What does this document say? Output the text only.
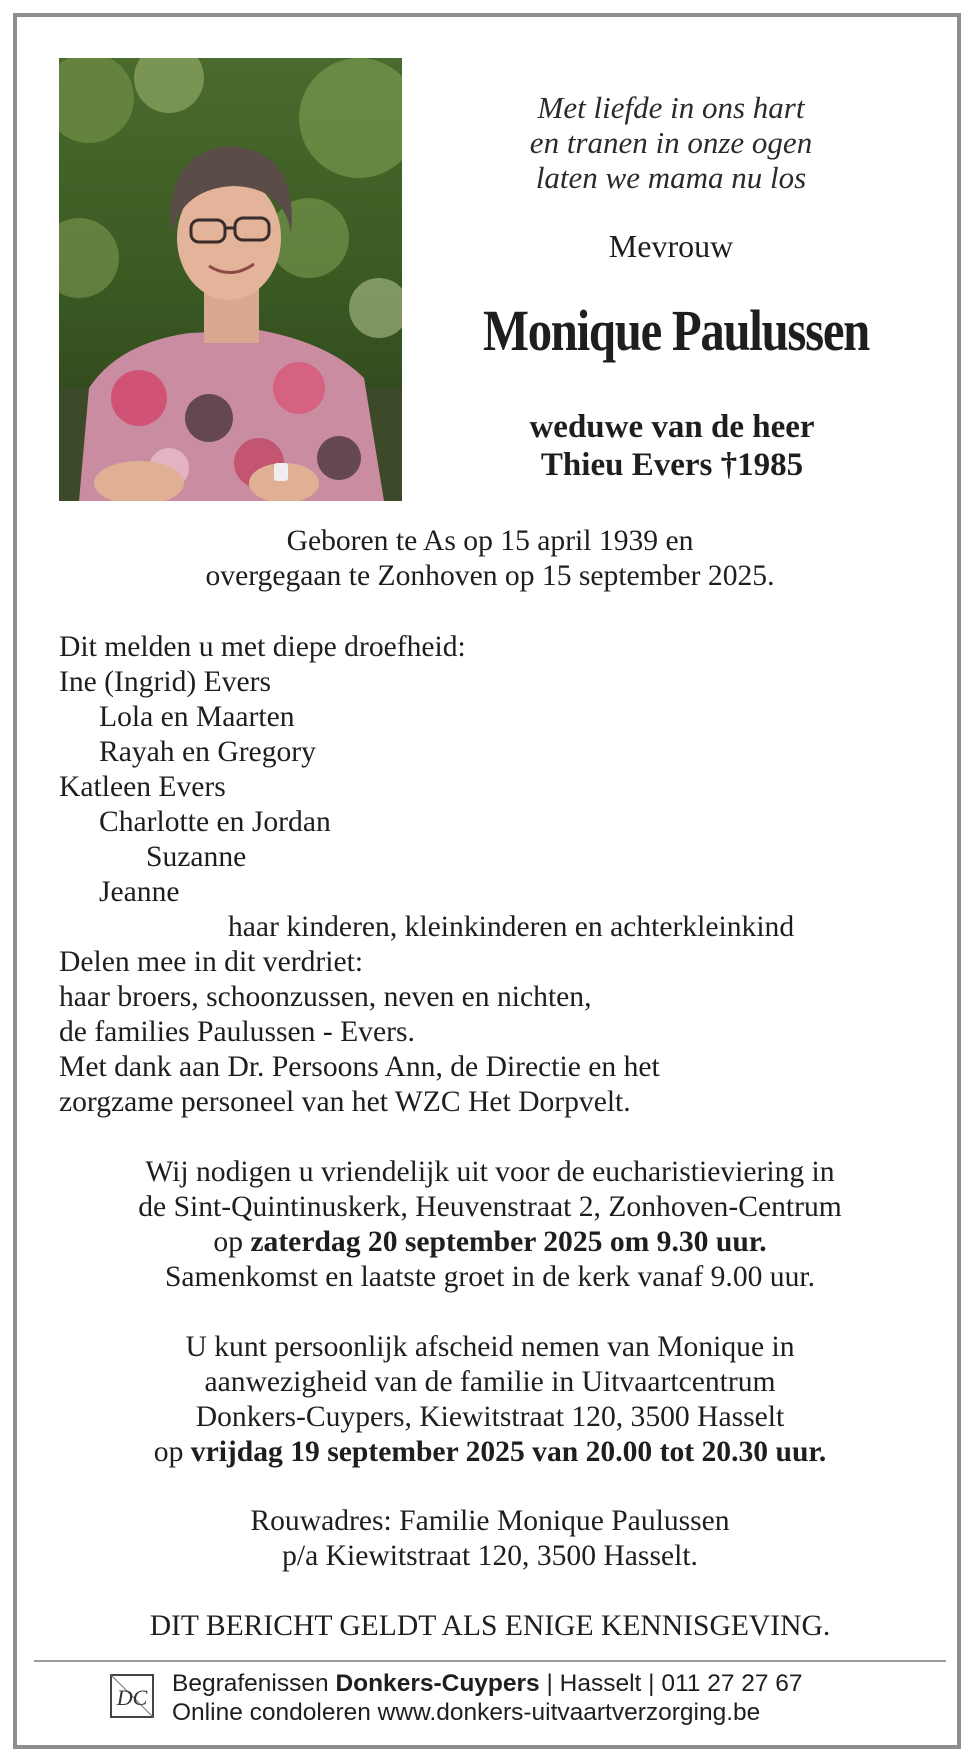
Met liefde in ons hart
en tranen in onze ogen
laten we mama nu los
Mevrouw
Monique Paulussen
weduwe van de heer
Thieu Evers †1985
Geboren te As op 15 april 1939 en
overgegaan te Zonhoven op 15 september 2025.
Dit melden u met diepe droefheid:
Ine (Ingrid) Evers
Lola en Maarten
Rayah en Gregory
Katleen Evers
Charlotte en Jordan
Suzanne
Jeanne
haar kinderen, kleinkinderen en achterkleinkind
Delen mee in dit verdriet:
haar broers, schoonzussen, neven en nichten,
de families Paulussen - Evers.
Met dank aan Dr. Persoons Ann, de Directie en het
zorgzame personeel van het WZC Het Dorpvelt.
Wij nodigen u vriendelijk uit voor de eucharistieviering in
de Sint-Quintinuskerk, Heuvenstraat 2, Zonhoven-Centrum
op zaterdag 20 september 2025 om 9.30 uur.
Samenkomst en laatste groet in de kerk vanaf 9.00 uur.
U kunt persoonlijk afscheid nemen van Monique in
aanwezigheid van de familie in Uitvaartcentrum
Donkers-Cuypers, Kiewitstraat 120, 3500 Hasselt
op vrijdag 19 september 2025 van 20.00 tot 20.30 uur.
Rouwadres: Familie Monique Paulussen
p/a Kiewitstraat 120, 3500 Hasselt.
DIT BERICHT GELDT ALS ENIGE KENNISGEVING.
DC
Begrafenissen Donkers-Cuypers | Hasselt | 011 27 27 67
Online condoleren www.donkers-uitvaartverzorging.be
